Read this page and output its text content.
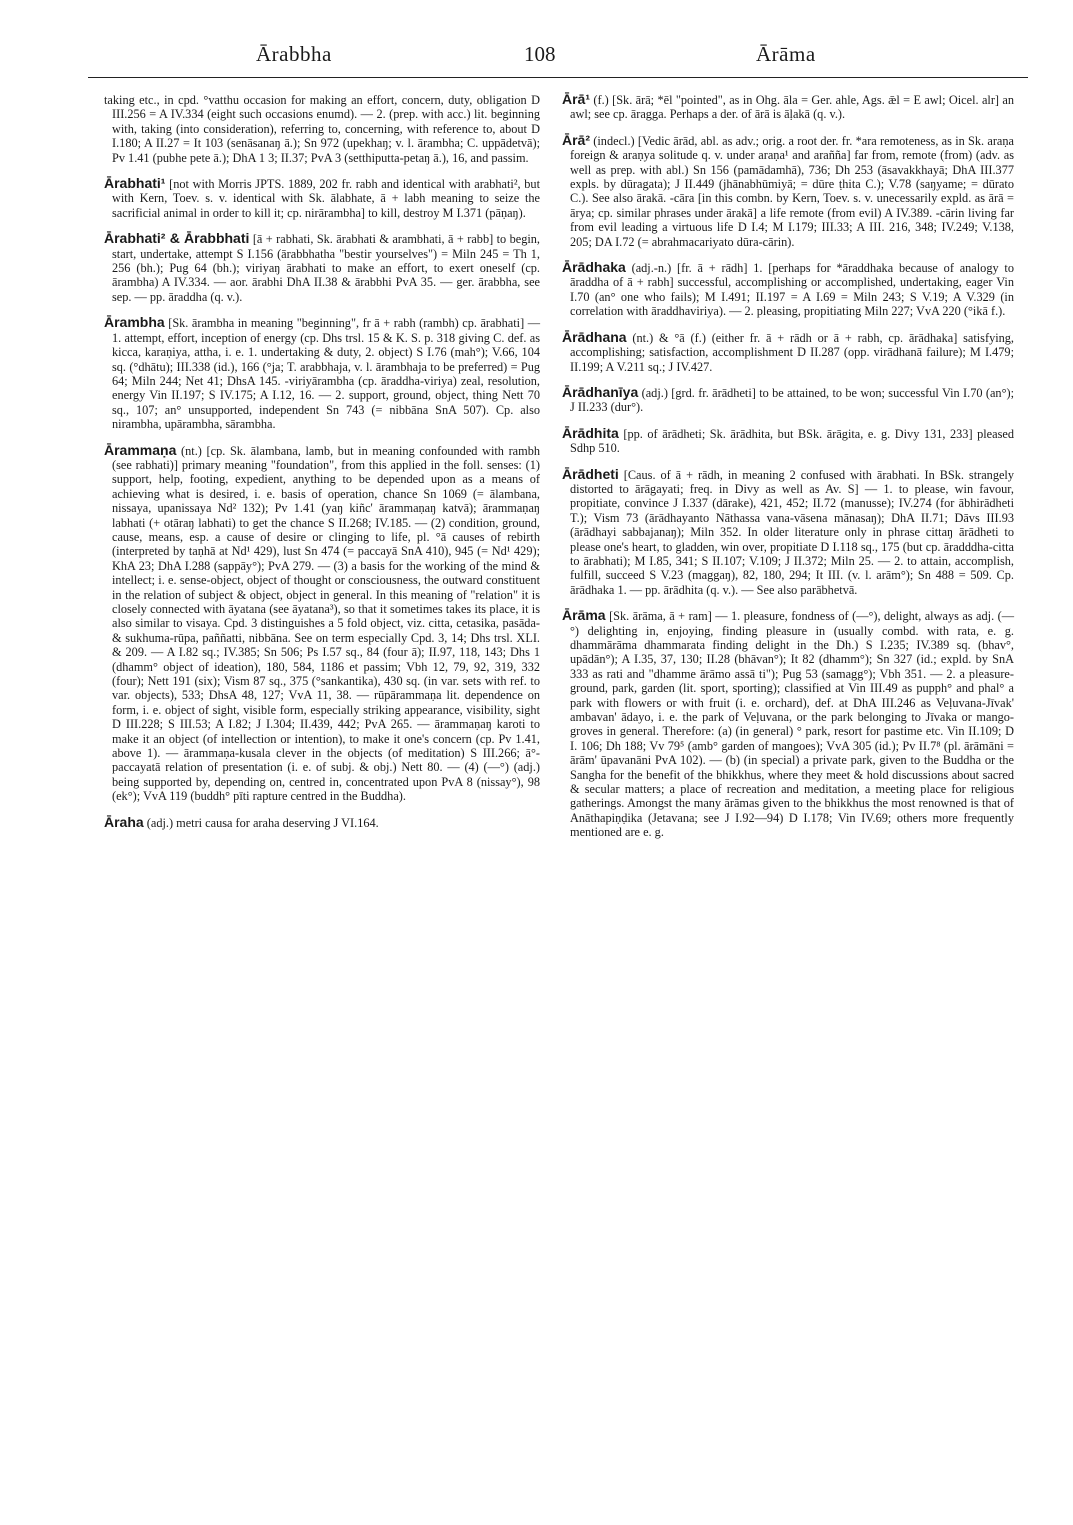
Ārabbha	108	Ārāma

taking etc., in cpd. °vatthu occasion for making an effort, concern, duty, obligation D III.256 = A IV.334 (eight such occasions enumd). — 2. (prep. with acc.) lit. beginning with, taking (into consideration), referring to, concerning, with reference to, about D I.180; A II.27 = It 103 (senāsanaŋ ā.); Sn 972 (upekhaŋ; v. l. ārambha; C. uppādetvā); Pv 1.41 (pubhe pete ā.); DhA 1 3; II.37; PvA 3 (setthiputta-petaŋ ā.), 16, and passim.

Ārabhati¹ [not with Morris JPTS. 1889, 202 fr. rabh and identical with arabhati², but with Kern, Toev. s. v. identical with Sk. ālabhate, ā + labh meaning to seize the sacrificial animal in order to kill it; cp. nirārambha] to kill, destroy M I.371 (pāṇaŋ).

Ārabhati² & Ārabbhati [ā + rabhati, Sk. ārabhati & arambhati, ā + rabb] to begin, start, undertake, attempt S I.156 (ārabbhatha "bestir yourselves") = Miln 245 = Th 1, 256 (bh.); Pug 64 (bh.); viriyaŋ ārabhati to make an effort, to exert oneself (cp. ārambha) A IV.334. — aor. ārabhi DhA II.38 & ārabbhi PvA 35. — ger. ārabbha, see sep. — pp. āraddha (q. v.).

Ārambha [Sk. ārambha in meaning "beginning", fr ā + rabh (rambh) cp. ārabhati] — 1. attempt, effort, inception of energy (cp. Dhs trsl. 15 & K. S. p. 318 giving C. def. as kicca, karaṇiya, attha, i. e. 1. undertaking & duty, 2. object) S I.76 (mah°); V.66, 104 sq. (°dhātu); III.338 (id.), 166 (°ja; T. arabbhaja, v. l. ārambhaja to be preferred) = Pug 64; Miln 244; Net 41; DhsA 145. -viriyārambha (cp. āraddha-viriya) zeal, resolution, energy Vin II.197; S IV.175; A I.12, 16. — 2. support, ground, object, thing Nett 70 sq., 107; an° unsupported, independent Sn 743 (= nibbāna SnA 507). Cp. also nirambha, upārambha, sārambha.

Ārammaṇa (nt.) [cp. Sk. ālambana, lamb, but in meaning confounded with rambh (see rabhati)] primary meaning "foundation", from this applied in the foll. senses: (1) support, help, footing, expedient, anything to be depended upon as a means of achieving what is desired, i. e. basis of operation, chance Sn 1069 (= ālambana, nissaya, upanissaya Nd² 132); Pv 1.41 (yaŋ kiñc' ārammaṇaŋ katvā); ārammaṇaŋ labhati (+ otāraŋ labhati) to get the chance S II.268; IV.185. — (2) condition, ground, cause, means, esp. a cause of desire or clinging to life, pl. °ā causes of rebirth (interpreted by taṇhā at Nd¹ 429), lust Sn 474 (= paccayā SnA 410), 945 (= Nd¹ 429); KhA 23; DhA I.288 (sappāy°); PvA 279. — (3) a basis for the working of the mind & intellect; i. e. sense-object, object of thought or consciousness, the outward constituent in the relation of subject & object, object in general. In this meaning of "relation" it is closely connected with āyatana (see āyatana³), so that it sometimes takes its place, it is also similar to visaya. Cpd. 3 distinguishes a 5 fold object, viz. citta, cetasika, pasāda- & sukhuma-rūpa, paññatti, nibbāna. See on term especially Cpd. 3, 14; Dhs trsl. XLI. & 209. — A I.82 sq.; IV.385; Sn 506; Ps I.57 sq., 84 (four ā); II.97, 118, 143; Dhs 1 (dhamm° object of ideation), 180, 584, 1186 et passim; Vbh 12, 79, 92, 319, 332 (four); Nett 191 (six); Vism 87 sq., 375 (°sankantika), 430 sq. (in var. sets with ref. to var. objects), 533; DhsA 48, 127; VvA 11, 38. — rūpārammaṇa lit. dependence on form, i. e. object of sight, visible form, especially striking appearance, visibility, sight D III.228; S III.53; A I.82; J I.304; II.439, 442; PvA 265. — ārammaṇaŋ karoti to make it an object (of intellection or intention), to make it one's concern (cp. Pv 1.41, above 1). — ārammaṇa-kusala clever in the objects (of meditation) S III.266; ā°-paccayatā relation of presentation (i. e. of subj. & obj.) Nett 80. — (4) (—°) (adj.) being supported by, depending on, centred in, concentrated upon PvA 8 (nissay°), 98 (ek°); VvA 119 (buddh° pīti rapture centred in the Buddha).

Āraha (adj.) metri causa for araha deserving J VI.164.

Ārā¹ (f.) [Sk. ārā; *ēl "pointed", as in Ohg. āla = Ger. ahle, Ags. ǣl = E awl; Oicel. alr] an awl; see cp. āragga. Perhaps a der. of ārā is āḷakā (q. v.).

Ārā² (indecl.) [Vedic ārād, abl. as adv.; orig. a root der. fr. *ara remoteness, as in Sk. araṇa foreign & araṇya solitude q. v. under araṇa¹ and arañña] far from, remote (from) (adv. as well as prep. with abl.) Sn 156 (pamādamhā), 736; Dh 253 (āsavakkhayā; DhA III.377 expls. by dūragata); J II.449 (jhānabhūmiyā; = dūre ṭhita C.); V.78 (saŋyame; = dūrato C.). See also ārakā. -cāra [in this combn. by Kern, Toev. s. v. unecessarily expld. as ārā = ārya; cp. similar phrases under ārakā] a life remote (from evil) A IV.389. -cārin living far from evil leading a virtuous life D I.4; M I.179; III.33; A III. 216, 348; IV.249; V.138, 205; DA I.72 (= abrahmacariyato dūra-cārin).

Ārādhaka (adj.-n.) [fr. ā + rādh] 1. [perhaps for *āraddhaka because of analogy to āraddha of ā + rabh] successful, accomplishing or accomplished, undertaking, eager Vin I.70 (an° one who fails); M I.491; II.197 = A I.69 = Miln 243; S V.19; A V.329 (in correlation with āraddhaviriya). — 2. pleasing, propitiating Miln 227; VvA 220 (°ikā f.).

Ārādhana (nt.) & °ā (f.) (either fr. ā + rādh or ā + rabh, cp. ārādhaka] satisfying, accomplishing; satisfaction, accomplishment D II.287 (opp. virādhanā failure); M I.479; II.199; A V.211 sq.; J IV.427.

Ārādhanīya (adj.) [grd. fr. ārādheti] to be attained, to be won; successful Vin I.70 (an°); J II.233 (dur°).

Ārādhita [pp. of ārādheti; Sk. ārādhita, but BSk. ārāgita, e. g. Divy 131, 233] pleased Sdhp 510.

Ārādheti [Caus. of ā + rādh, in meaning 2 confused with ārabhati. In BSk. strangely distorted to ārāgayati; freq. in Divy as well as Av. S] — 1. to please, win favour, propitiate, convince J I.337 (dārake), 421, 452; II.72 (manusse); IV.274 (for ābhirādheti T.); Vism 73 (ārādhayanto Nāthassa vana-vāsena mānasaŋ); DhA II.71; Dāvs III.93 (ārādhayi sabbajanaŋ); Miln 352. In older literature only in phrase cittaŋ ārādheti to please one's heart, to gladden, win over, propitiate D I.118 sq., 175 (but cp. āradddha-citta to ārabhati); M I.85, 341; S II.107; V.109; J II.372; Miln 25. — 2. to attain, accomplish, fulfill, succeed S V.23 (maggaŋ), 82, 180, 294; It III. (v. l. arām°); Sn 488 = 509. Cp. ārādhaka 1. — pp. ārādhita (q. v.). — See also parābhetvā.

Ārāma [Sk. ārāma, ā + ram] — 1. pleasure, fondness of (—°), delight, always as adj. (—°) delighting in, enjoying, finding pleasure in (usually combd. with rata, e. g. dhammārāma dhammarata finding delight in the Dh.) S I.235; IV.389 sq. (bhav°, upādān°); A I.35, 37, 130; II.28 (bhāvan°); It 82 (dhamm°); Sn 327 (id.; expld. by SnA 333 as rati and "dhamme ārāmo assā ti"); Pug 53 (samagg°); Vbh 351. — 2. a pleasure-ground, park, garden (lit. sport, sporting); classified at Vin III.49 as pupph° and phal° a park with flowers or with fruit (i. e. orchard), def. at DhA III.246 as Veḷuvana-Jīvak' ambavan' ādayo, i. e. the park of Veḷuvana, or the park belonging to Jīvaka or mango-groves in general. Therefore: (a) (in general) ° park, resort for pastime etc. Vin II.109; D I. 106; Dh 188; Vv 79⁵ (amb° garden of mangoes); VvA 305 (id.); Pv II.7⁸ (pl. ārāmāni = ārām' ūpavanāni PvA 102). — (b) (in special) a private park, given to the Buddha or the Sangha for the benefit of the bhikkhus, where they meet & hold discussions about sacred & secular matters; a place of recreation and meditation, a meeting place for religious gatherings. Amongst the many ārāmas given to the bhikkhus the most renowned is that of Anāthapiṇḍika (Jetavana; see J I.92—94) D I.178; Vin IV.69; others more frequently mentioned are e. g.
